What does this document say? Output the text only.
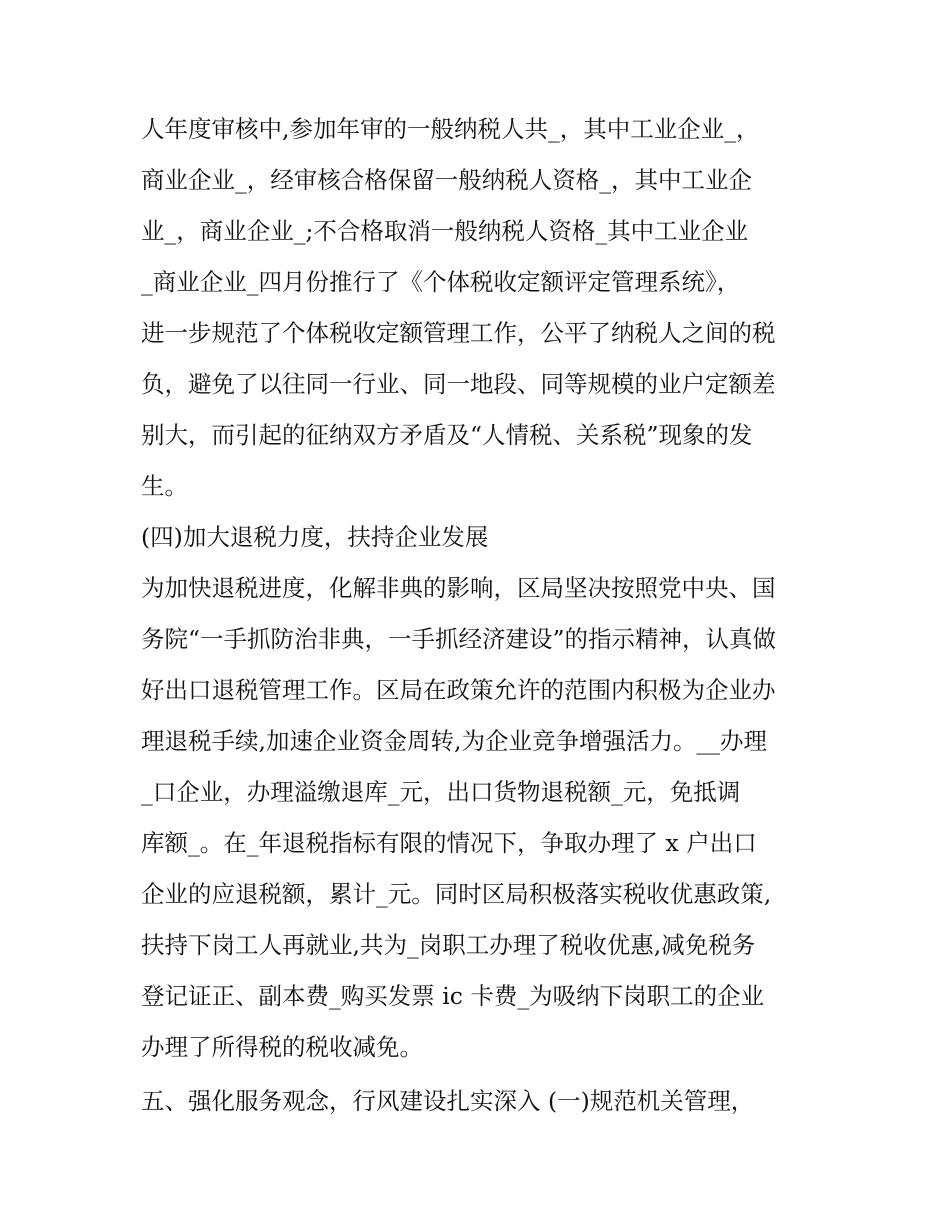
人年度审核中,参加年审的一般纳税人共_，其中工业企业_，
商业企业_，经审核合格保留一般纳税人资格_，其中工业企
业_，商业企业_;不合格取消一般纳税人资格_其中工业企业
_商业企业_四月份推行了《个体税收定额评定管理系统》，
进一步规范了个体税收定额管理工作，公平了纳税人之间的税
负，避免了以往同一行业、同一地段、同等规模的业户定额差
别大，而引起的征纳双方矛盾及“人情税、关系税”现象的发
生。
(四)加大退税力度，扶持企业发展
为加快退税进度，化解非典的影响，区局坚决按照党中央、国
务院“一手抓防治非典，一手抓经济建设”的指示精神，认真做
好出口退税管理工作。区局在政策允许的范围内积极为企业办
理退税手续,加速企业资金周转,为企业竞争增强活力。__办理
_口企业，办理溢缴退库_元，出口货物退税额_元，免抵调
库额_。在_年退税指标有限的情况下，争取办理了 x 户出口
企业的应退税额，累计_元。同时区局积极落实税收优惠政策,
扶持下岗工人再就业,共为_岗职工办理了税收优惠,减免税务
登记证正、副本费_购买发票 ic 卡费_为吸纳下岗职工的企业
办理了所得税的税收减免。
五、强化服务观念，行风建设扎实深入 (一)规范机关管理，
